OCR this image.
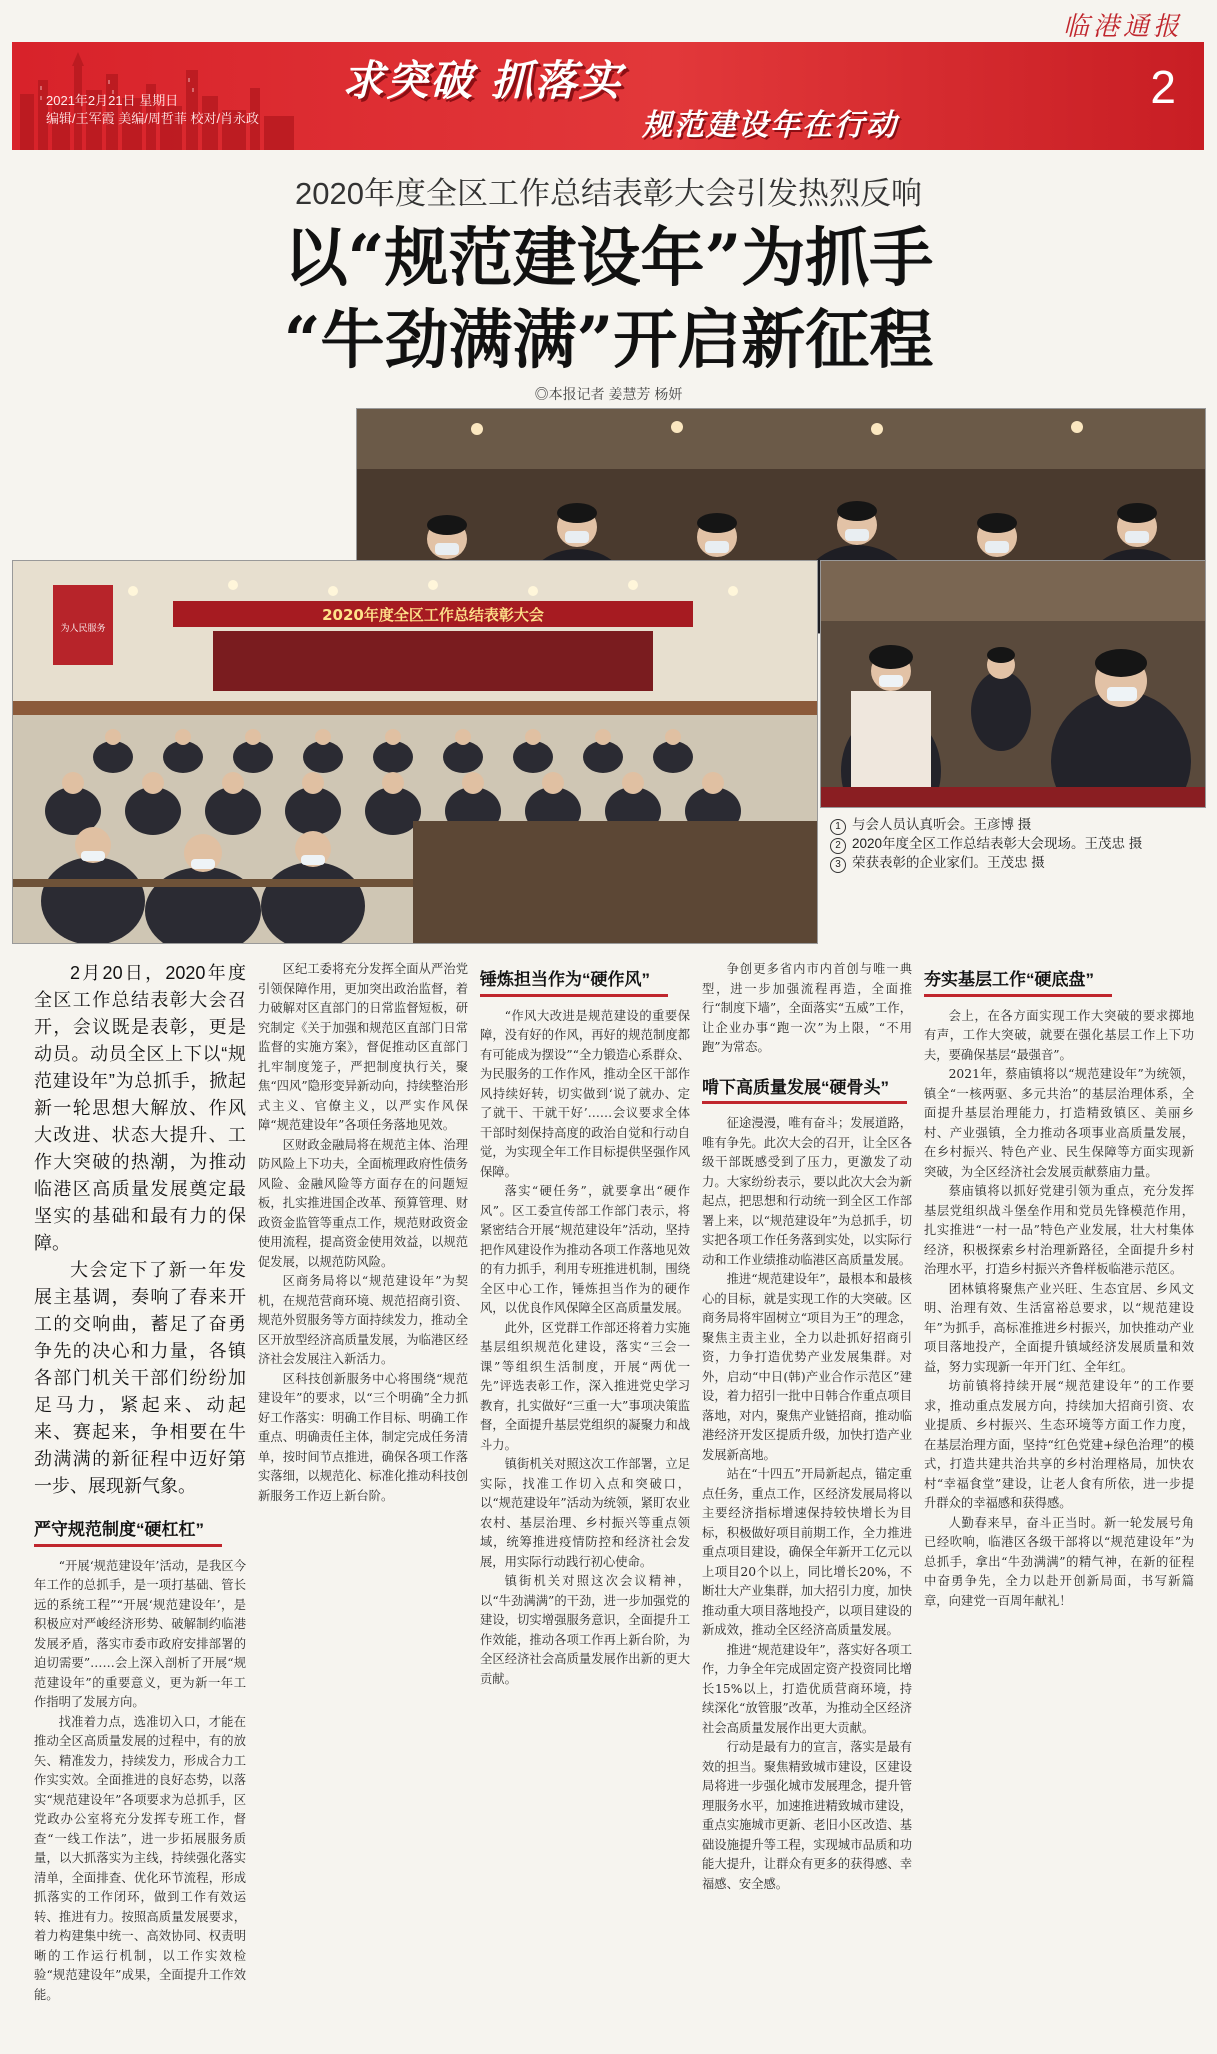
临港通报
2021年2月21日 星期日
编辑/王军霞 美编/周哲菲 校对/肖永政
求突破 抓落实
规范建设年在行动
2
2020年度全区工作总结表彰大会引发热烈反响
以“规范建设年”为抓手
“牛劲满满”开启新征程
◎本报记者 姜慧芳 杨妍
2020年度全区工作总结表彰大会
为人民服务
1 与会人员认真听会。王彦博 摄
2 2020年度全区工作总结表彰大会现场。王茂忠 摄
3 荣获表彰的企业家们。王茂忠 摄

2月20日，2020年度全区工作总结表彰大会召开，会议既是表彰，更是动员。动员全区上下以“规范建设年”为总抓手，掀起新一轮思想大解放、作风大改进、状态大提升、工作大突破的热潮，为推动临港区高质量发展奠定最坚实的基础和最有力的保障。

大会定下了新一年发展主基调，奏响了春来开工的交响曲，蓄足了奋勇争先的决心和力量，各镇各部门机关干部们纷纷加足马力，紧起来、动起来、赛起来，争相要在牛劲满满的新征程中迈好第一步、展现新气象。

严守规范制度“硬杠杠”

“开展‘规范建设年’活动，是我区今年工作的总抓手，是一项打基础、管长远的系统工程”“开展‘规范建设年’，是积极应对严峻经济形势、破解制约临港发展矛盾，落实市委市政府安排部署的迫切需要”……会上深入剖析了开展“规范建设年”的重要意义，更为新一年工作指明了发展方向。

找准着力点，选准切入口，才能在推动全区高质量发展的过程中，有的放矢、精准发力，持续发力，形成合力工作实实效。全面推进的良好态势，以落实“规范建设年”各项要求为总抓手，区党政办公室将充分发挥专班工作，督查“一线工作法”，进一步拓展服务质量，以大抓落实为主线，持续强化落实清单，全面排查、优化环节流程，形成抓落实的工作闭环，做到工作有效运转、推进有力。按照高质量发展要求，着力构建集中统一、高效协同、权责明晰的工作运行机制，以工作实效检验“规范建设年”成果，全面提升工作效能。

区纪工委将充分发挥全面从严治党引领保障作用，更加突出政治监督，着力破解对区直部门的日常监督短板，研究制定《关于加强和规范区直部门日常监督的实施方案》，督促推动区直部门扎牢制度笼子，严把制度执行关，聚焦“四风”隐形变异新动向，持续整治形式主义、官僚主义，以严实作风保障“规范建设年”各项任务落地见效。

区财政金融局将在规范主体、治理防风险上下功夫，全面梳理政府性债务风险、金融风险等方面存在的问题短板，扎实推进国企改革、预算管理、财政资金监管等重点工作，规范财政资金使用流程，提高资金使用效益，以规范促发展，以规范防风险。

区商务局将以“规范建设年”为契机，在规范营商环境、规范招商引资、规范外贸服务等方面持续发力，推动全区开放型经济高质量发展，为临港区经济社会发展注入新活力。

区科技创新服务中心将围绕“规范建设年”的要求，以“三个明确”全力抓好工作落实：明确工作目标、明确工作重点、明确责任主体，制定完成任务清单，按时间节点推进，确保各项工作落实落细，以规范化、标准化推动科技创新服务工作迈上新台阶。

锤炼担当作为“硬作风”

“作风大改进是规范建设的重要保障，没有好的作风，再好的规范制度都有可能成为摆设”“全力锻造心系群众、为民服务的工作作风，推动全区干部作风持续好转，切实做到‘说了就办、定了就干、干就干好’……会议要求全体干部时刻保持高度的政治自觉和行动自觉，为实现全年工作目标提供坚强作风保障。

落实“硬任务”，就要拿出“硬作风”。区工委宣传部工作部门表示，将紧密结合开展“规范建设年”活动，坚持把作风建设作为推动各项工作落地见效的有力抓手，利用专班推进机制，围绕全区中心工作，锤炼担当作为的硬作风，以优良作风保障全区高质量发展。

此外，区党群工作部还将着力实施基层组织规范化建设，落实“三会一课”等组织生活制度，开展“两优一先”评选表彰工作，深入推进党史学习教育，扎实做好“三重一大”事项决策监督，全面提升基层党组织的凝聚力和战斗力。

镇街机关对照这次工作部署，立足实际，找准工作切入点和突破口，以“规范建设年”活动为统领，紧盯农业农村、基层治理、乡村振兴等重点领域，统筹推进疫情防控和经济社会发展，用实际行动践行初心使命。

镇街机关对照这次会议精神，以“牛劲满满”的干劲，进一步加强党的建设，切实增强服务意识，全面提升工作效能，推动各项工作再上新台阶，为全区经济社会高质量发展作出新的更大贡献。

争创更多省内市内首创与唯一典型，进一步加强流程再造，全面推行“制度下墙”，全面落实“五威”工作，让企业办事“跑一次”为上限，“不用跑”为常态。

啃下高质量发展“硬骨头”

征途漫漫，唯有奋斗；发展道路，唯有争先。此次大会的召开，让全区各级干部既感受到了压力，更激发了动力。大家纷纷表示，要以此次大会为新起点，把思想和行动统一到全区工作部署上来，以“规范建设年”为总抓手，切实把各项工作任务落到实处，以实际行动和工作业绩推动临港区高质量发展。

推进“规范建设年”，最根本和最核心的目标，就是实现工作的大突破。区商务局将牢固树立“项目为王”的理念，聚焦主责主业，全力以赴抓好招商引资，力争打造优势产业发展集群。对外，启动“中日(韩)产业合作示范区”建设，着力招引一批中日韩合作重点项目落地，对内，聚焦产业链招商，推动临港经济开发区提质升级，加快打造产业发展新高地。

站在“十四五”开局新起点，锚定重点任务，重点工作，区经济发展局将以主要经济指标增速保持较快增长为目标，积极做好项目前期工作，全力推进重点项目建设，确保全年新开工亿元以上项目20个以上，同比增长20%，不断壮大产业集群，加大招引力度，加快推动重大项目落地投产，以项目建设的新成效，推动全区经济高质量发展。

推进“规范建设年”，落实好各项工作，力争全年完成固定资产投资同比增长15%以上，打造优质营商环境，持续深化“放管服”改革，为推动全区经济社会高质量发展作出更大贡献。

行动是最有力的宣言，落实是最有效的担当。聚焦精致城市建设，区建设局将进一步强化城市发展理念，提升管理服务水平，加速推进精致城市建设，重点实施城市更新、老旧小区改造、基础设施提升等工程，实现城市品质和功能大提升，让群众有更多的获得感、幸福感、安全感。

夯实基层工作“硬底盘”

会上，在各方面实现工作大突破的要求掷地有声，工作大突破，就要在强化基层工作上下功夫，要确保基层“最强音”。

2021年，蔡庙镇将以“规范建设年”为统领，镇全“一核两驱、多元共治”的基层治理体系，全面提升基层治理能力，打造精致镇区、美丽乡村、产业强镇，全力推动各项事业高质量发展，在乡村振兴、特色产业、民生保障等方面实现新突破，为全区经济社会发展贡献蔡庙力量。

蔡庙镇将以抓好党建引领为重点，充分发挥基层党组织战斗堡垒作用和党员先锋模范作用，扎实推进“一村一品”特色产业发展，壮大村集体经济，积极探索乡村治理新路径，全面提升乡村治理水平，打造乡村振兴齐鲁样板临港示范区。

团林镇将聚焦产业兴旺、生态宜居、乡风文明、治理有效、生活富裕总要求，以“规范建设年”为抓手，高标准推进乡村振兴，加快推动产业项目落地投产，全面提升镇域经济发展质量和效益，努力实现新一年开门红、全年红。

坊前镇将持续开展“规范建设年”的工作要求，推动重点发展方向，持续加大招商引资、农业提质、乡村振兴、生态环境等方面工作力度，在基层治理方面，坚持“红色党建+绿色治理”的模式，打造共建共治共享的乡村治理格局，加快农村“幸福食堂”建设，让老人食有所依，进一步提升群众的幸福感和获得感。

人勤春来早，奋斗正当时。新一轮发展号角已经吹响，临港区各级干部将以“规范建设年”为总抓手，拿出“牛劲满满”的精气神，在新的征程中奋勇争先，全力以赴开创新局面，书写新篇章，向建党一百周年献礼！
